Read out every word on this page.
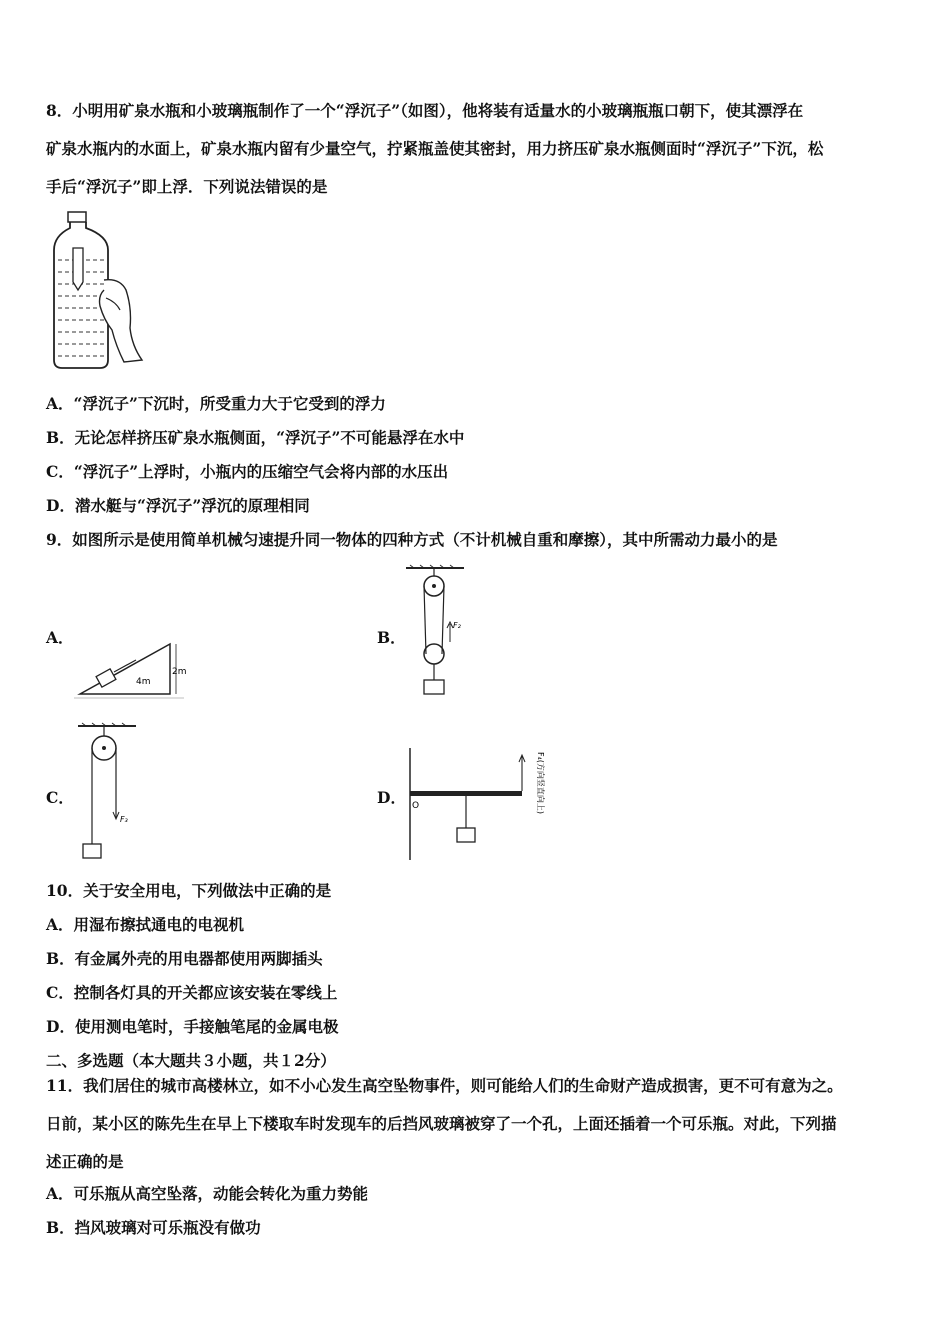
8．小明用矿泉水瓶和小玻璃瓶制作了一个“浮沉子”（如图），他将装有适量水的小玻璃瓶瓶口朝下，使其漂浮在
矿泉水瓶内的水面上，矿泉水瓶内留有少量空气，拧紧瓶盖使其密封，用力挤压矿泉水瓶侧面时“浮沉子”下沉，松
手后“浮沉子”即上浮．下列说法错误的是
A．“浮沉子”下沉时，所受重力大于它受到的浮力
B．无论怎样挤压矿泉水瓶侧面，“浮沉子”不可能悬浮在水中
C．“浮沉子”上浮时，小瓶内的压缩空气会将内部的水压出
D．潜水艇与“浮沉子”浮沉的原理相同
9．如图所示是使用简单机械匀速提升同一物体的四种方式（不计机械自重和摩擦），其中所需动力最小的是
A．
4m
2m
B．
F₂
C．
F₃
D． O	F₄(方向竖直向上)
10．关于安全用电，下列做法中正确的是
A．用湿布擦拭通电的电视机
B．有金属外壳的用电器都使用两脚插头
C．控制各灯具的开关都应该安装在零线上
D．使用测电笔时，手接触笔尾的金属电极
二、多选题（本大题共３小题，共１2分）
11．我们居住的城市高楼林立，如不小心发生高空坠物事件，则可能给人们的生命财产造成损害，更不可有意为之。
日前，某小区的陈先生在早上下楼取车时发现车的后挡风玻璃被穿了一个孔，上面还插着一个可乐瓶。对此，下列描
述正确的是
A．可乐瓶从高空坠落，动能会转化为重力势能
B．挡风玻璃对可乐瓶没有做功
